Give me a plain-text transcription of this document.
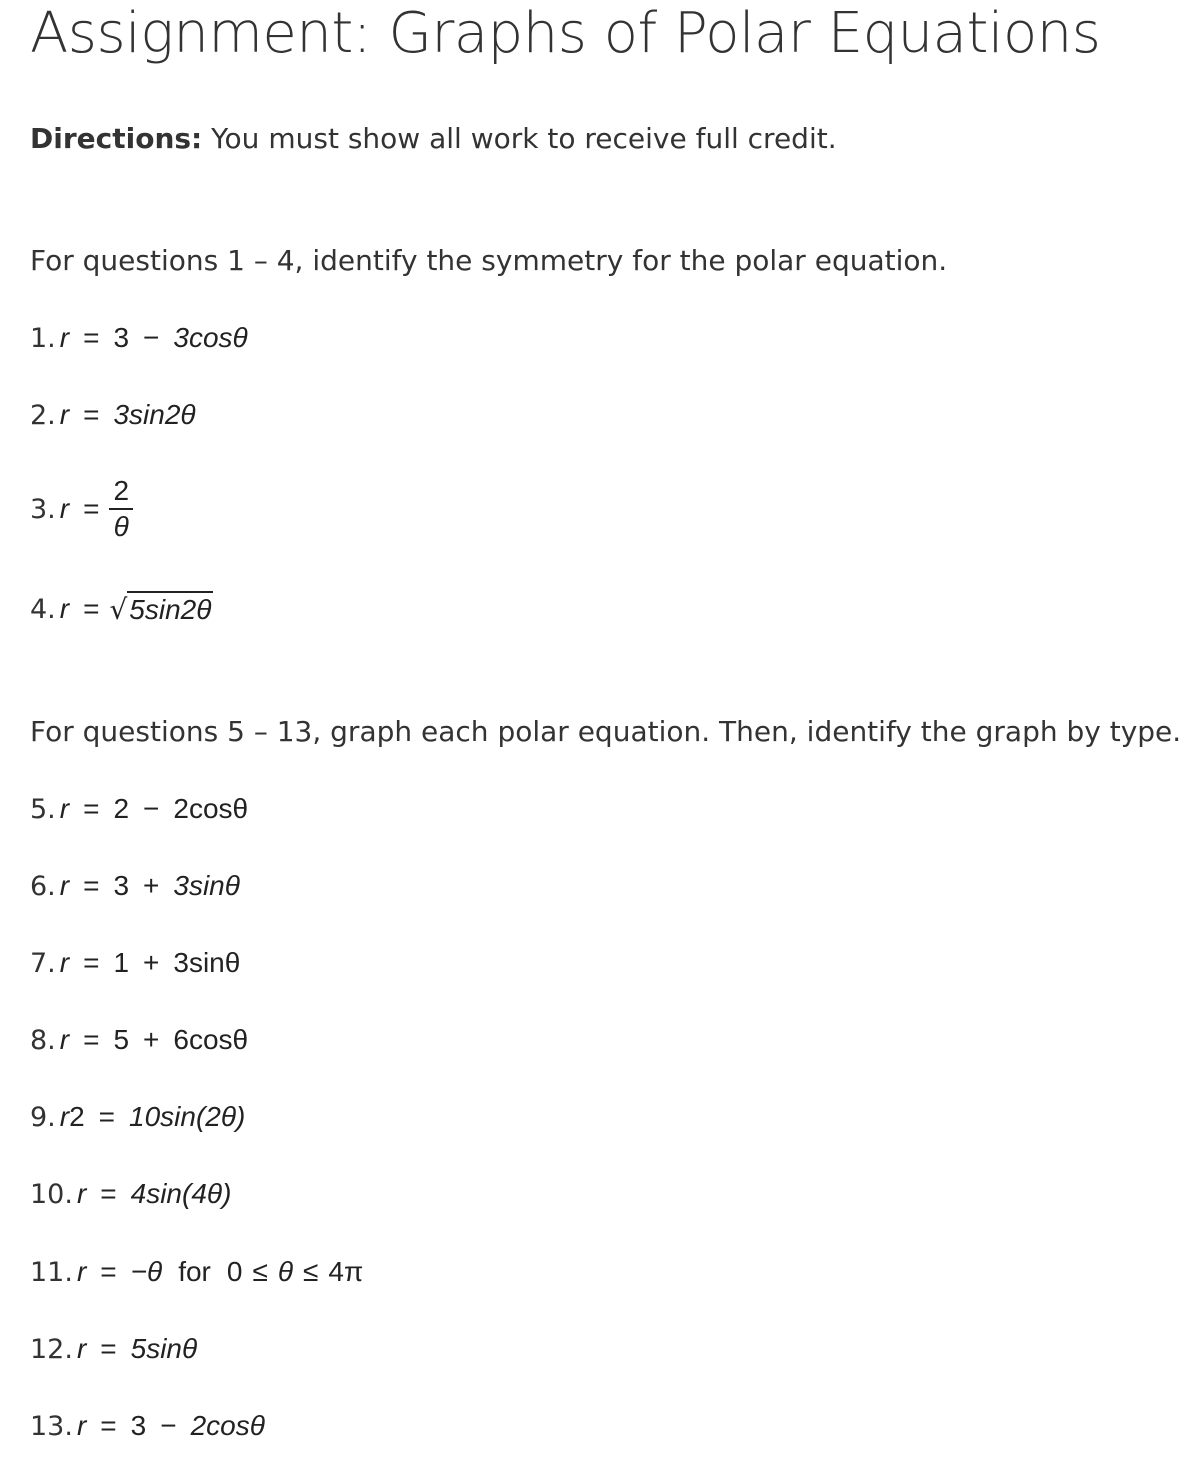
Assignment: Graphs of Polar Equations
Directions: You must show all work to receive full credit.
For questions 1 – 4, identify the symmetry for the polar equation.
1. r = 3 − 3cosθ
2. r = 3sin2θ
3. $r = \frac{2}{\theta}$
4. r = √ 5sin2θ
For questions 5 – 13, graph each polar equation. Then, identify the graph by type.
5. r = 2 − 2cosθ
6. r = 3 + 3sinθ
7. r = 1 + 3sinθ
8. r = 5 + 6cosθ
9. r 2 = 10sin(2θ)
10. r = 4sin(4θ)
11. r = −θ for 0 ≤ θ ≤ 4π
12. r = 5sinθ
13. r = 3 − 2cosθ
